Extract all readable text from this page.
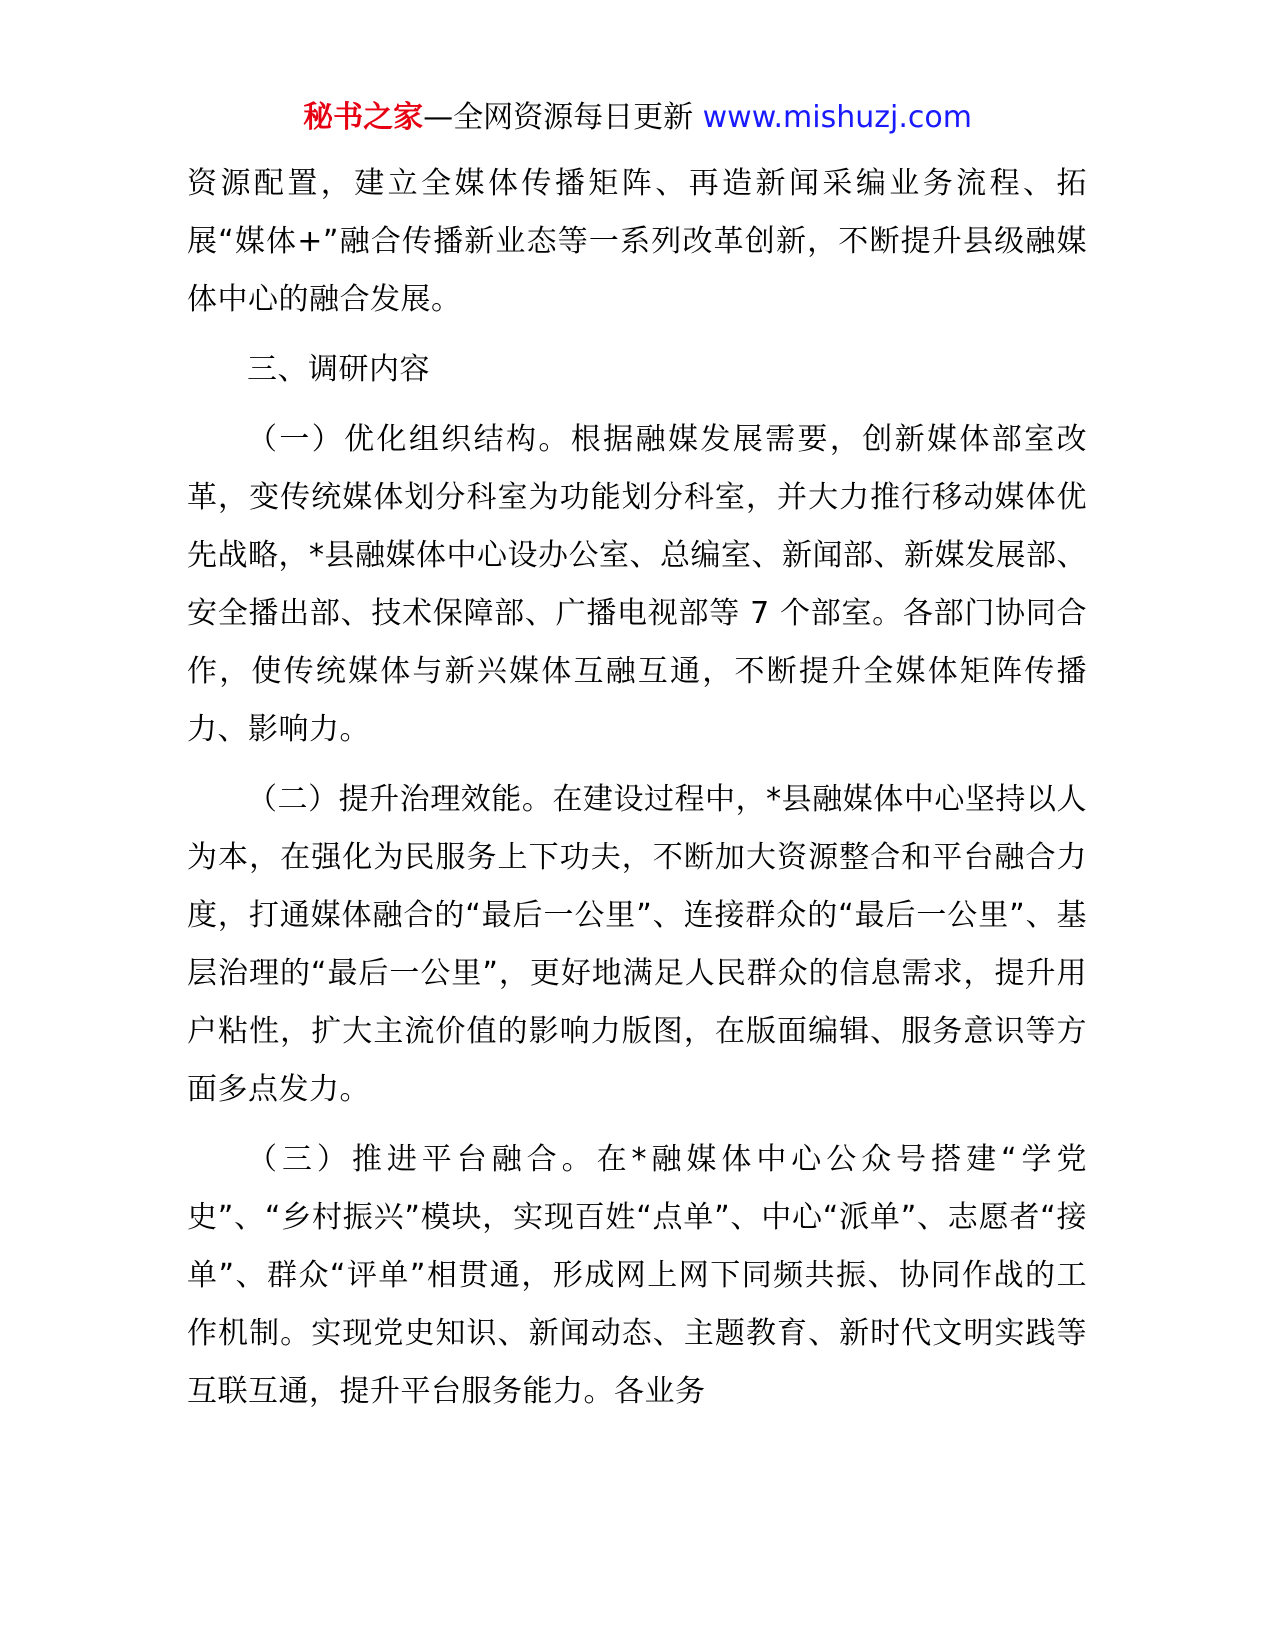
秘书之家—全网资源每日更新 www.mishuzj.com

资源配置，建立全媒体传播矩阵、再造新闻采编业务流程、拓展“媒体+”融合传播新业态等一系列改革创新，不断提升县级融媒体中心的融合发展。

三、调研内容

（一）优化组织结构。根据融媒发展需要，创新媒体部室改革，变传统媒体划分科室为功能划分科室，并大力推行移动媒体优先战略，*县融媒体中心设办公室、总编室、新闻部、新媒发展部、安全播出部、技术保障部、广播电视部等 7 个部室。各部门协同合作，使传统媒体与新兴媒体互融互通，不断提升全媒体矩阵传播力、影响力。

（二）提升治理效能。在建设过程中，*县融媒体中心坚持以人为本，在强化为民服务上下功夫，不断加大资源整合和平台融合力度，打通媒体融合的“最后一公里”、连接群众的“最后一公里”、基层治理的“最后一公里”，更好地满足人民群众的信息需求，提升用户粘性，扩大主流价值的影响力版图，在版面编辑、服务意识等方面多点发力。

（三）推进平台融合。在*融媒体中心公众号搭建“学党史”、“乡村振兴”模块，实现百姓“点单”、中心“派单”、志愿者“接单”、群众“评单”相贯通，形成网上网下同频共振、协同作战的工作机制。实现党史知识、新闻动态、主题教育、新时代文明实践等互联互通，提升平台服务能力。各业务
